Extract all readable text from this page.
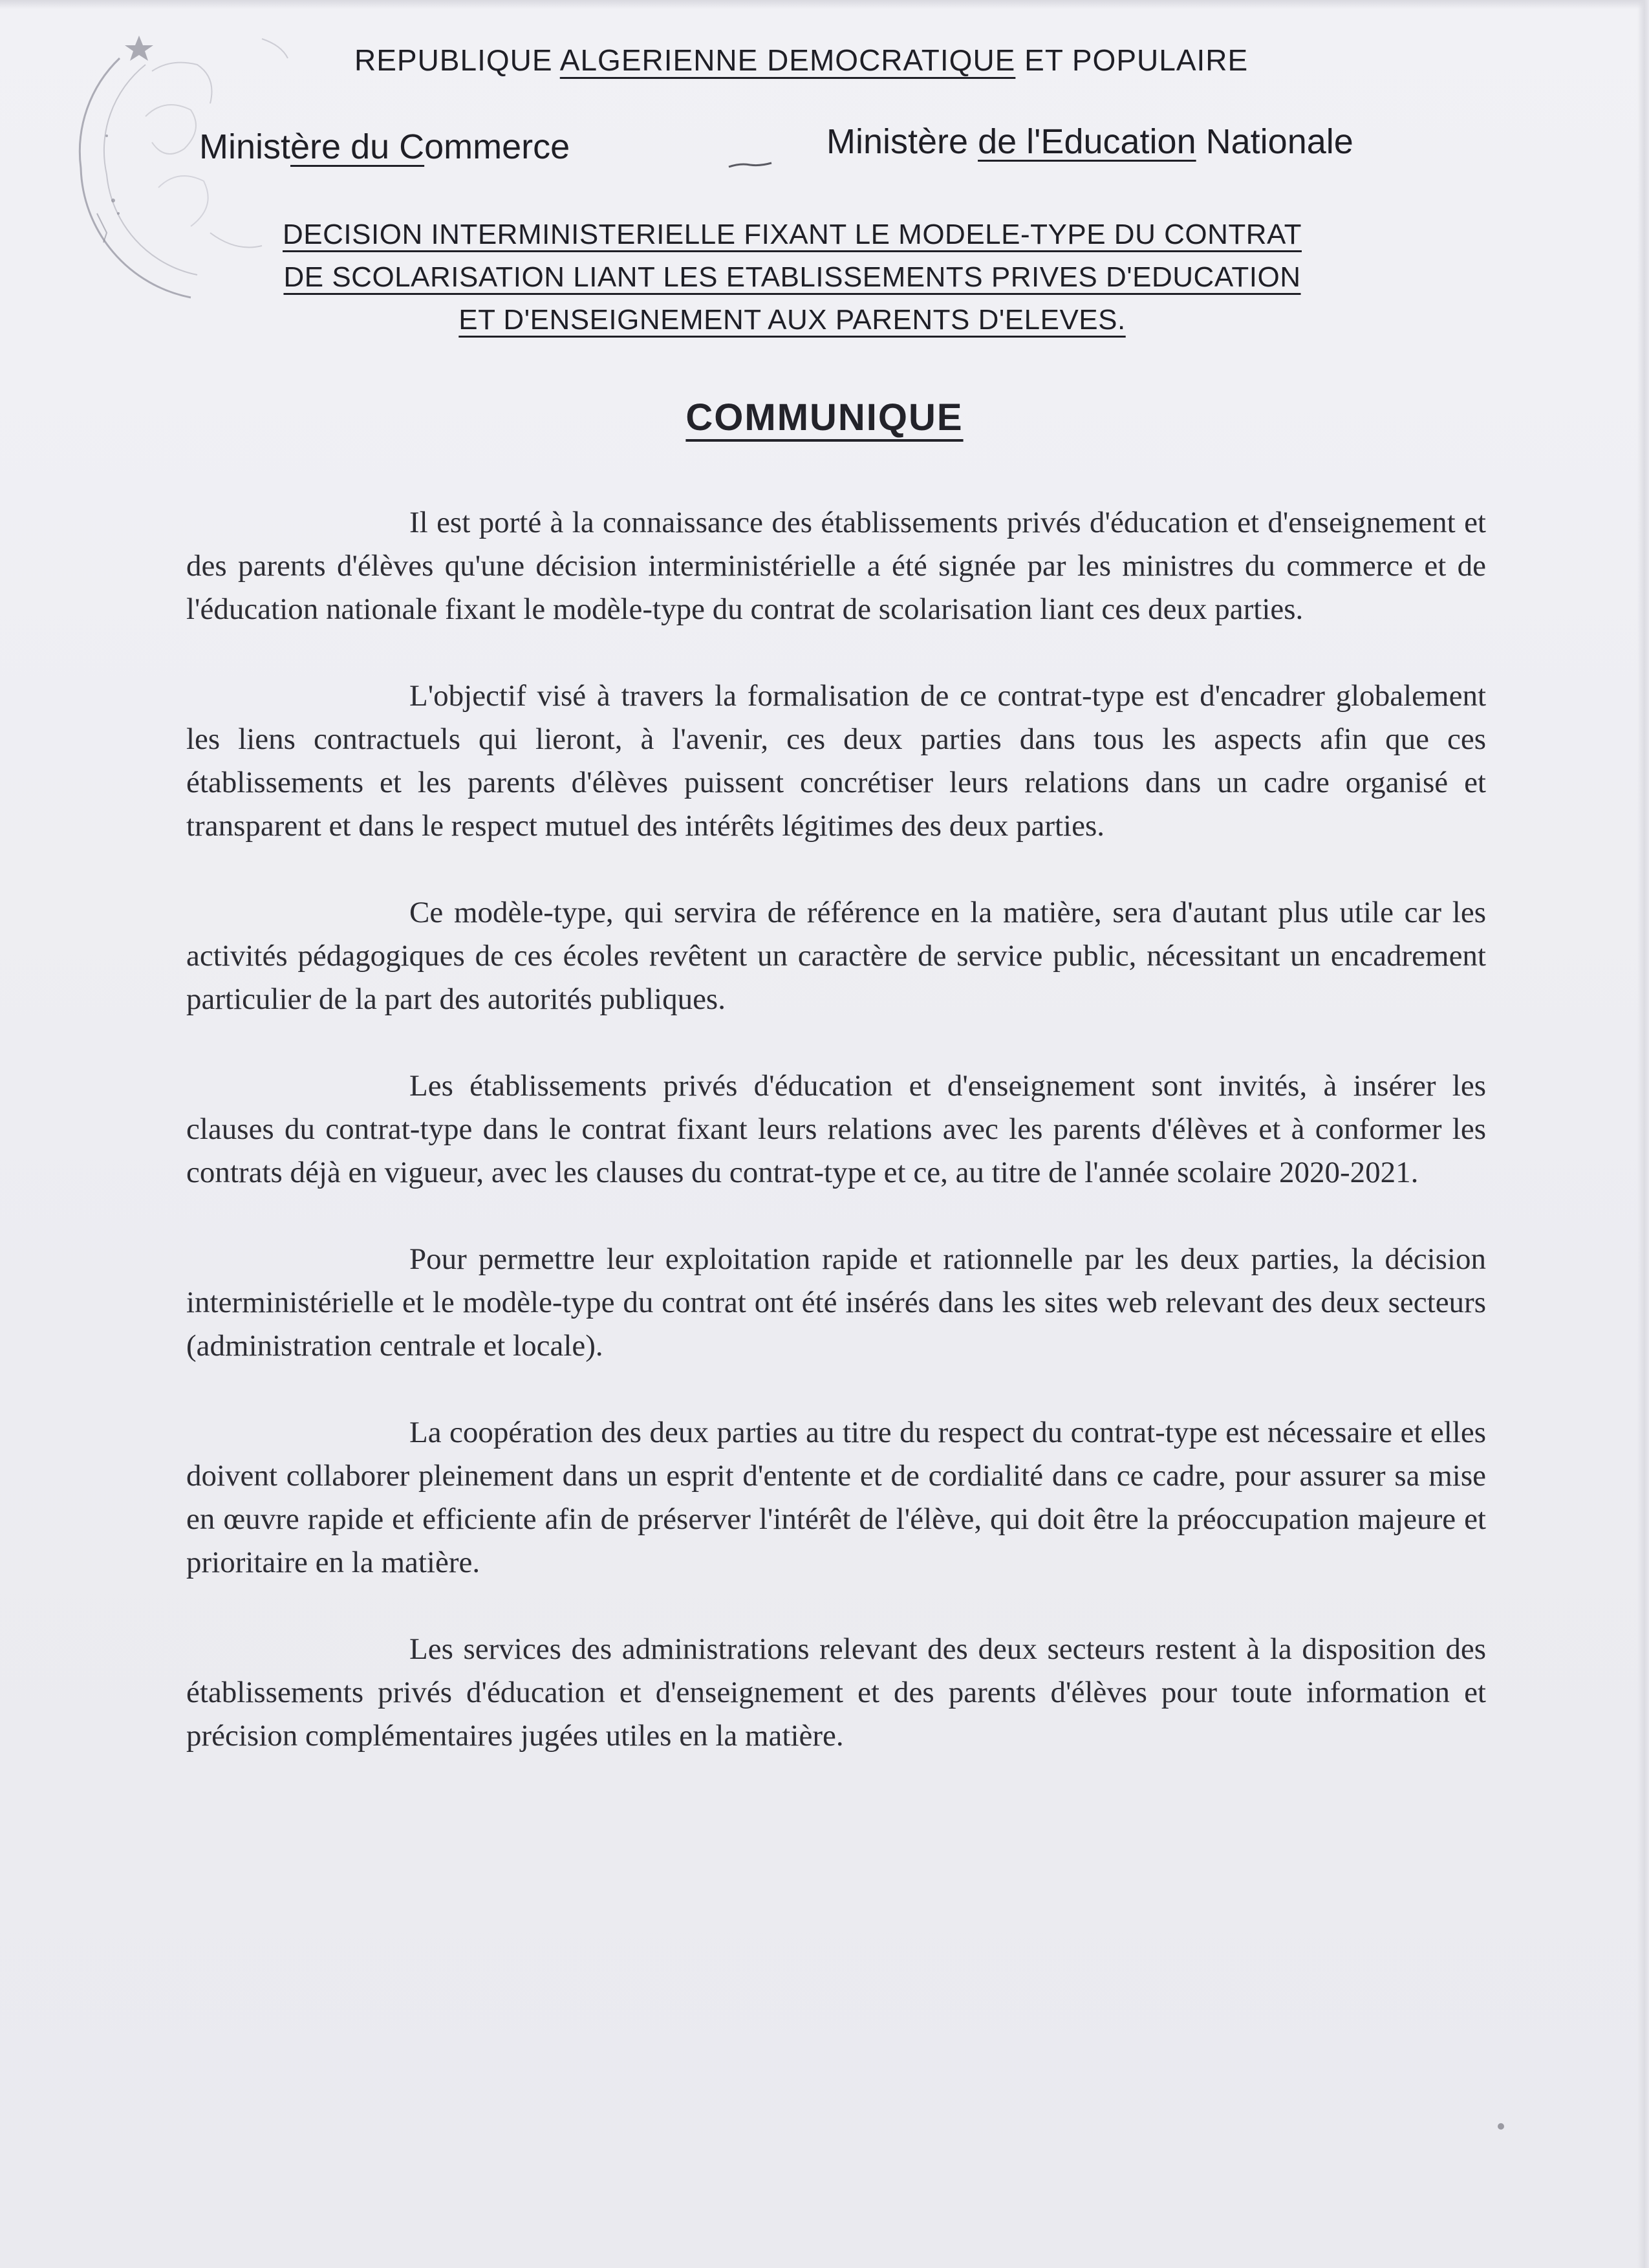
REPUBLIQUE ALGERIENNE DEMOCRATIQUE ET POPULAIRE
Ministère du Commerce	Ministère de l'Education Nationale
DECISION INTERMINISTERIELLE FIXANT LE MODELE-TYPE DU CONTRAT
DE SCOLARISATION LIANT LES ETABLISSEMENTS PRIVES D'EDUCATION
ET D'ENSEIGNEMENT AUX PARENTS D'ELEVES.
COMMUNIQUE

Il est porté à la connaissance des établissements privés d'éducation et d'enseignement et des parents d'élèves qu'une décision interministérielle a été signée par les ministres du commerce et de l'éducation nationale fixant le modèle-type du contrat de scolarisation liant ces deux parties.

L'objectif visé à travers la formalisation de ce contrat-type est d'encadrer globalement les liens contractuels qui lieront, à l'avenir, ces deux parties dans tous les aspects afin que ces établissements et les parents d'élèves puissent concrétiser leurs relations dans un cadre organisé et transparent et dans le respect mutuel des intérêts légitimes des deux parties.

Ce modèle-type, qui servira de référence en la matière, sera d'autant plus utile car les activités pédagogiques de ces écoles revêtent un caractère de service public, nécessitant un encadrement particulier de la part des autorités publiques.

Les établissements privés d'éducation et d'enseignement sont invités, à insérer les clauses du contrat-type dans le contrat fixant leurs relations avec les parents d'élèves et à conformer les contrats déjà en vigueur, avec les clauses du contrat-type et ce, au titre de l'année scolaire 2020-2021.

Pour permettre leur exploitation rapide et rationnelle par les deux parties, la décision interministérielle et le modèle-type du contrat ont été insérés dans les sites web relevant des deux secteurs (administration centrale et locale).

La coopération des deux parties au titre du respect du contrat-type est nécessaire et elles doivent collaborer pleinement dans un esprit d'entente et de cordialité dans ce cadre, pour assurer sa mise en œuvre rapide et efficiente afin de préserver l'intérêt de l'élève, qui doit être la préoccupation majeure et prioritaire en la matière.

Les services des administrations relevant des deux secteurs restent à la disposition des établissements privés d'éducation et d'enseignement et des parents d'élèves pour toute information et précision complémentaires jugées utiles en la matière.
